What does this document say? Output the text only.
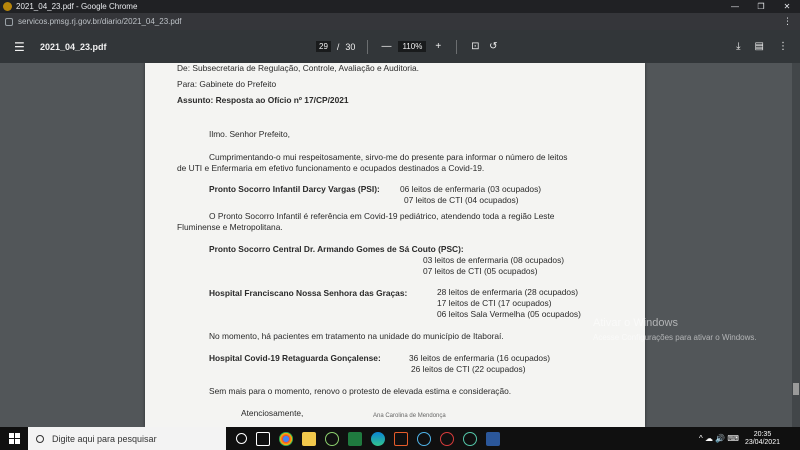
2021_04_23.pdf - Google Chrome	—	❐	✕
servicos.pmsg.rj.gov.br/diario/2021_04_23.pdf	⋮
☰	2021_04_23.pdf	29	/ 30	—	110%	+	⊡ ↺	⤓ ▤ ⋮
De: Subsecretaria de Regulação, Controle, Avaliação e Auditoria.
Para: Gabinete do Prefeito
Assunto: Resposta ao Ofício nº 17/CP/2021
Ilmo. Senhor Prefeito,
Cumprimentando-o mui respeitosamente, sirvo-me do presente para informar o número de leitos
de UTI e Enfermaria em efetivo funcionamento e ocupados destinados a Covid-19.
Pronto Socorro Infantil Darcy Vargas (PSI): 06 leitos de enfermaria (03 ocupados)
07 leitos de CTI (04 ocupados)
O Pronto Socorro Infantil é referência em Covid-19 pediátrico, atendendo toda a região Leste
Fluminense e Metropolitana.
Pronto Socorro Central Dr. Armando Gomes de Sá Couto (PSC):
03 leitos de enfermaria (08 ocupados)
07 leitos de CTI (05 ocupados)
Hospital Franciscano Nossa Senhora das Graças:	28 leitos de enfermaria (28 ocupados)
17 leitos de CTI (17 ocupados)
06 leitos Sala Vermelha (05 ocupados)
No momento, há pacientes em tratamento na unidade do município de Itaboraí.
Hospital Covid-19 Retaguarda Gonçalense:	36 leitos de enfermaria (16 ocupados)
26 leitos de CTI (22 ocupados)
Sem mais para o momento, renovo o protesto de elevada estima e consideração.
Atenciosamente,	Ana Carolina de Mendonça
Ativar o Windows
Acesse Configurações para ativar o Windows.
Digite aqui para pesquisar	^ ☁ 🔊 ⌨	20:35
23/04/2021
